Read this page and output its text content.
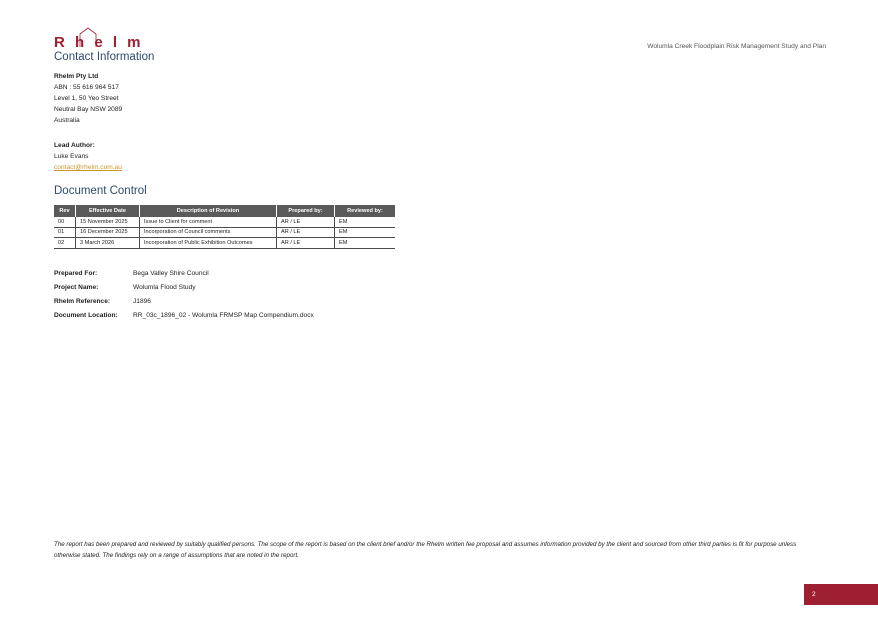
R h e l m
Contact Information
Wolumla Creek Floodplain Risk Management Study and Plan
Rhelm Pty Ltd
ABN : 55 616 964 517
Level 1, 50 Yeo Street
Neutral Bay NSW 2089
Australia
Lead Author:
Luke Evans
contact@rhelm.com.au
Document Control
Rev	Effective Date	Description of Revision	Prepared by:	Reviewed by:
00	15 November 2025	Issue to Client for comment	AR / LE	EM
01	16 December 2025	Incorporation of Council comments	AR / LE	EM
02	3 March 2026	Incorporation of Public Exhibition Outcomes	AR / LE	EM
Prepared For:	Bega Valley Shire Council
Project Name:	Wolumla Flood Study
Rhelm Reference:	J1896
Document Location:	RR_03c_1896_02 - Wolumla FRMSP Map Compendium.docx
The report has been prepared and reviewed by suitably qualified persons. The scope of the report is based on the client brief and/or the Rhelm written fee proposal and assumes information provided by the client and sourced from other third parties is fit for purpose unless otherwise stated. The findings rely on a range of assumptions that are noted in the report.
2
